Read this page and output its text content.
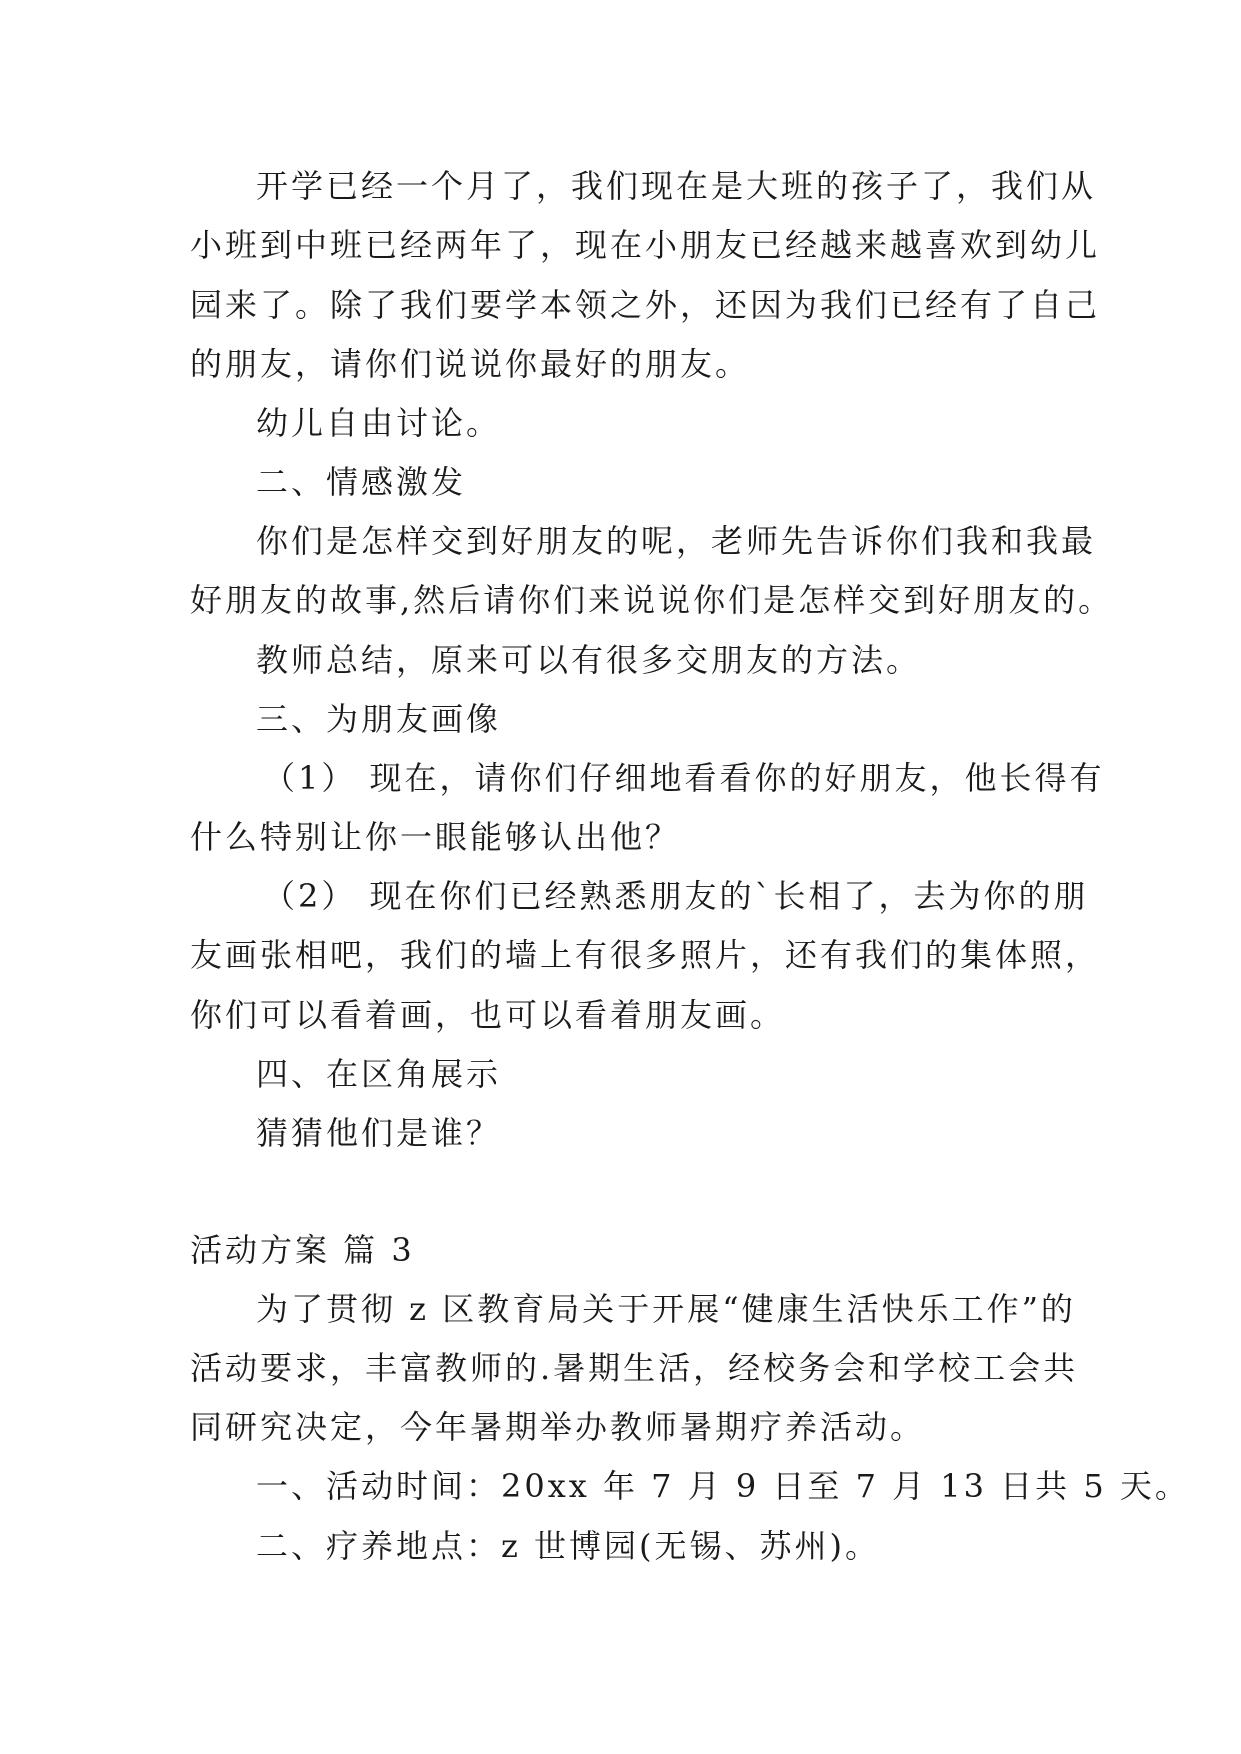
开学已经一个月了，我们现在是大班的孩子了，我们从
小班到中班已经两年了，现在小朋友已经越来越喜欢到幼儿
园来了。除了我们要学本领之外，还因为我们已经有了自己
的朋友，请你们说说你最好的朋友。
幼儿自由讨论。
二、情感激发
你们是怎样交到好朋友的呢，老师先告诉你们我和我最
好朋友的故事,然后请你们来说说你们是怎样交到好朋友的。
教师总结，原来可以有很多交朋友的方法。
三、为朋友画像
（1） 现在，请你们仔细地看看你的好朋友，他长得有
什么特别让你一眼能够认出他？
（2） 现在你们已经熟悉朋友的`长相了，去为你的朋
友画张相吧，我们的墙上有很多照片，还有我们的集体照，
你们可以看着画，也可以看着朋友画。
四、在区角展示
猜猜他们是谁？
活动方案 篇 3
为了贯彻 z 区教育局关于开展“健康生活快乐工作”的
活动要求，丰富教师的.暑期生活，经校务会和学校工会共
同研究决定，今年暑期举办教师暑期疗养活动。
一、活动时间：20xx 年 7 月 9 日至 7 月 13 日共 5 天。
二、疗养地点：z 世博园(无锡、苏州)。
